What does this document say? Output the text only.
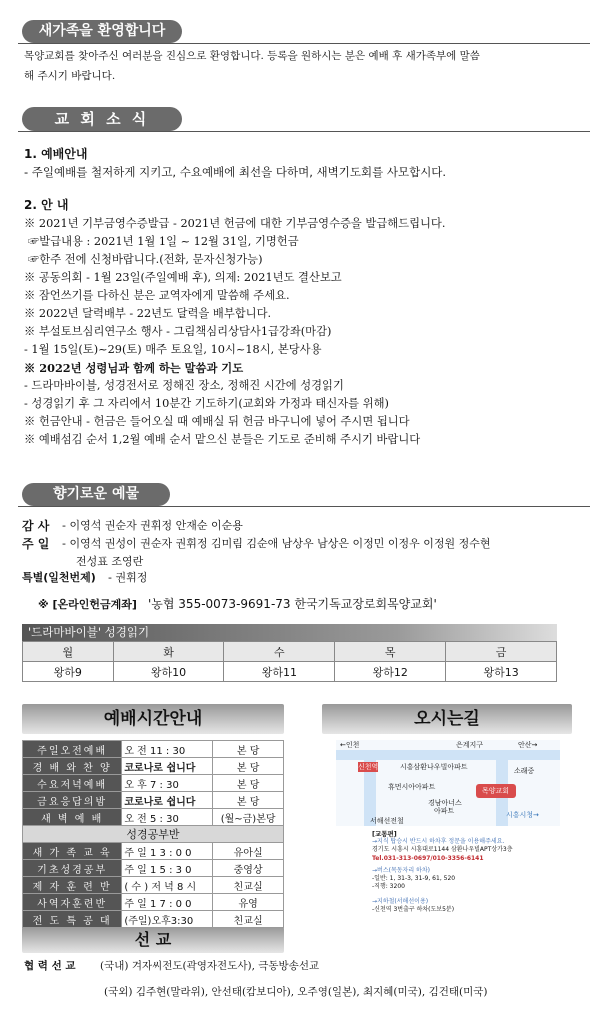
새가족을 환영합니다
목양교회를 찾아주신 여러분을 진심으로 환영합니다. 등록을 원하시는 분은 예배 후 새가족부에 말씀
해 주시기 바랍니다.
교 회 소 식
1. 예배안내
- 주일예배를 철저하게 지키고, 수요예배에 최선을 다하며, 새벽기도회를 사모합시다.
2. 안 내
※ 2021년 기부금영수증발급 - 2021년 헌금에 대한 기부금영수증을 발급해드립니다.
☞발급내용 : 2021년 1월 1일 ~ 12월 31일, 기명헌금
☞한주 전에 신청바랍니다.(전화, 문자신청가능)
※ 공동의회 - 1월 23일(주일예배 후), 의제: 2021년도 결산보고
※ 잠언쓰기를 다하신 분은 교역자에게 말씀해 주세요.
※ 2022년 달력배부 - 22년도 달력을 배부합니다.
※ 부설토브심리연구소 행사 - 그림책심리상담사1급강좌(마감)
- 1월 15일(토)~29(토) 매주 토요일, 10시~18시, 본당사용
※ 2022년 성령님과 함께 하는 말씀과 기도
- 드라마바이블, 성경전서로 정해진 장소, 정해진 시간에 성경읽기
- 성경읽기 후 그 자리에서 10분간 기도하기(교회와 가정과 태신자를 위해)
※ 헌금안내 - 헌금은 들어오실 때 예배실 뒤 헌금 바구니에 넣어 주시면 됩니다
※ 예배섬김 순서 1,2월 예배 순서 맡으신 분들은 기도로 준비해 주시기 바랍니다
향기로운 예물
감 사 - 이영석 권순자 권휘정 안재순 이순용
주 일 - 이영석 권성이 권순자 권휘정 김미림 김순애 남상우 남상은 이정민 이정우 이정원 정수현
전성표 조영란
특별(일천번제) - 권휘정
※ [온라인헌금계좌] '농협 355-0073-9691-73 한국기독교장로회목양교회'
'드라마바이블' 성경읽기
월	화	수	목	금
왕하9	왕하10	왕하11	왕하12	왕하13
예배시간안내
주일오전예배	오 전 11 : 30	본 당
경 배 와 찬 양	코로나로 쉽니다	본 당
수요저녁예배	오 후 7 : 30	본 당
금요응답의밤	코로나로 쉽니다	본 당
새 벽 예 배	오 전 5 : 30	(월~금)본당
성경공부반		
새 가 족 교 육	주 일 1 3 : 0 0	유아실
기초성경공부	주 일 1 5 : 3 0	중영상
제 자 훈 련 반	( 수 ) 저 녁 8 시	친교실
사역자훈련반	주 일 1 7 : 0 0	유영
전 도 특 공 대	(주일)오후3:30	친교실
오시는길
←인천	은계지구	안산→
신천역	시흥삼환나우빌아파트	소래중
휴먼시아아파트	목양교회
경남아너스
아파트
서해선전철
시흥시청→
[교통편]
→지식 탑승시 반드시 하차후 정문을 이용해주세요.
경기도 시흥시 시흥대로1144 삼환나우빌APT상가3층
Tel.031-313-0697/010-3356-6141
→버스(목동자리 하차)
-일반: 1, 31-3, 31-9, 61, 520
-직행: 3200
→지하철(서해선이용)
-신천역 3번출구 하차(도보5분)
선 교
협 력 선 교 (국내) 겨자씨전도(곽영자전도사), 극동방송선교
(국외) 김주현(말라위), 안선태(캄보디아), 오주영(일본), 최지혜(미국), 김건태(미국)
